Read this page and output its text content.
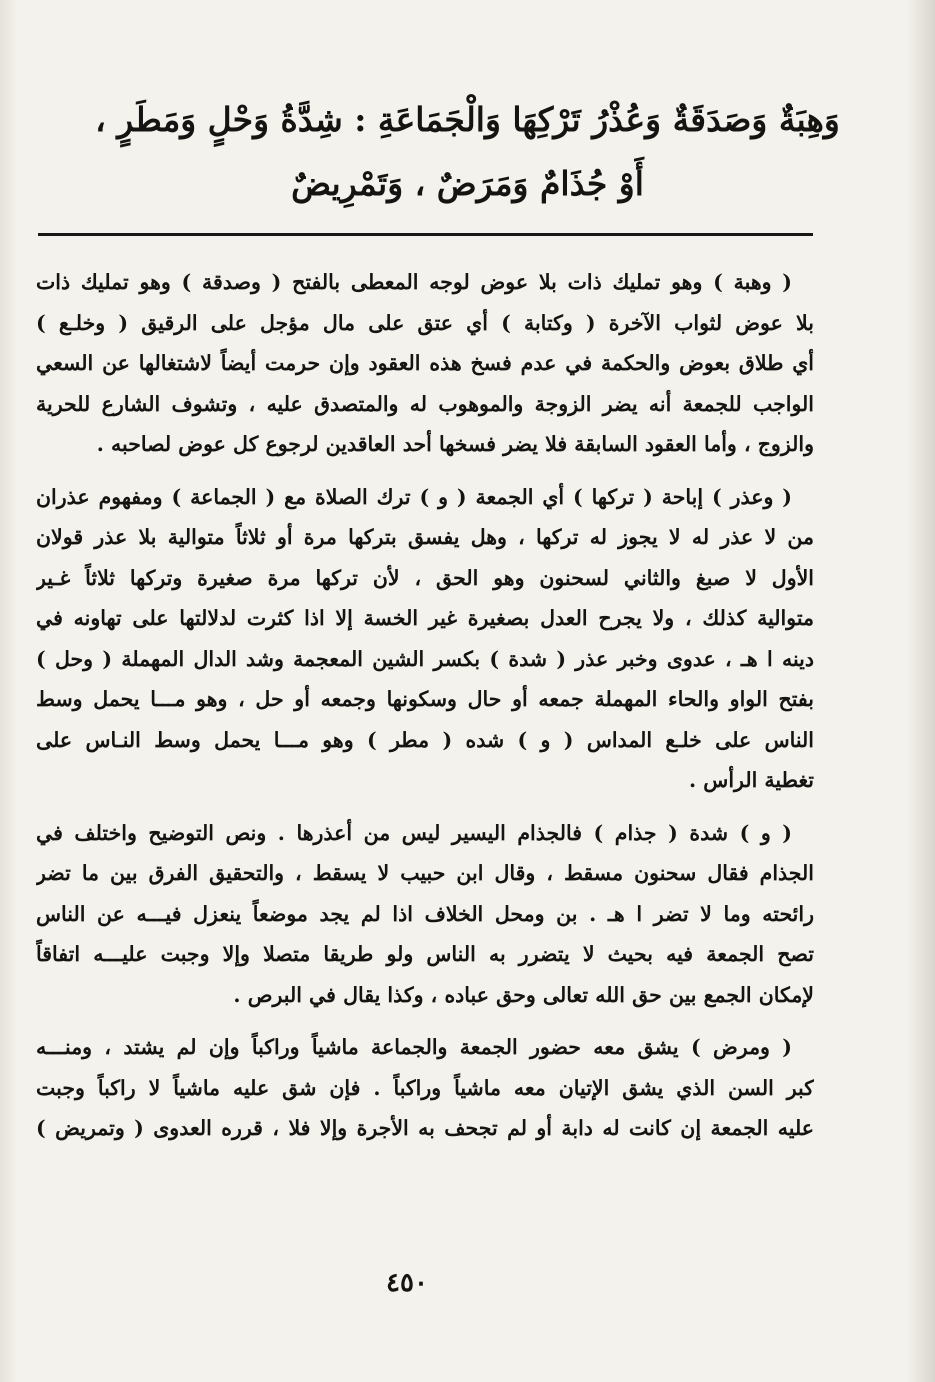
وَهِبَةٌ وَصَدَقَةٌ وَعُذْرُ تَرْكِهَا وَالْجَمَاعَةِ : شِدَّةُ وَحْلٍ وَمَطَرٍ ،
أَوْ جُذَامٌ وَمَرَضٌ ، وَتَمْرِيضٌ
( وهبة ) وهو تمليك ذات بلا عوض لوجه المعطى بالفتح ( وصدقة ) وهو تمليك ذات
بلا عوض لثواب الآخرة ( وكتابة ) أي عتق على مال مؤجل على الرقيق ( وخلـع )
أي طلاق بعوض والحكمة في عدم فسخ هذه العقود وإن حرمت أيضاً لاشتغالها عن السعي
الواجب للجمعة أنه يضر الزوجة والموهوب له والمتصدق عليه ، وتشوف الشارع للحرية
والزوج ، وأما العقود السابقة فلا يضر فسخها أحد العاقدين لرجوع كل عوض لصاحبه .
( وعذر ) إباحة ( تركها ) أي الجمعة ( و ) ترك الصلاة مع ( الجماعة ) ومفهوم عذران
من لا عذر له لا يجوز له تركها ، وهل يفسق بتركها مرة أو ثلاثاً متوالية بلا عذر قولان
الأول لا صبغ والثاني لسحنون وهو الحق ، لأن تركها مرة صغيرة وتركها ثلاثاً غـير
متوالية كذلك ، ولا يجرح العدل بصغيرة غير الخسة إلا اذا كثرت لدلالتها على تهاونه في
دينه ا هـ ، عدوى وخبر عذر ( شدة ) بكسر الشين المعجمة وشد الدال المهملة ( وحل )
بفتح الواو والحاء المهملة جمعه أو حال وسكونها وجمعه أو حل ، وهو مـــا يحمل وسط
الناس على خلـع المداس ( و ) شده ( مطر ) وهو مـــا يحمل وسط النـاس على
تغطية الرأس .
( و ) شدة ( جذام ) فالجذام اليسير ليس من أعذرها . ونص التوضيح واختلف في
الجذام فقال سحنون مسقط ، وقال ابن حبيب لا يسقط ، والتحقيق الفرق بين ما تضر
رائحته وما لا تضر ا هـ . بن ومحل الخلاف اذا لم يجد موضعاً ينعزل فيـــه عن الناس
تصح الجمعة فيه بحيث لا يتضرر به الناس ولو طريقا متصلا وإلا وجبت عليـــه اتفاقاً
لإمكان الجمع بين حق الله تعالى وحق عباده ، وكذا يقال في البرص .
( ومرض ) يشق معه حضور الجمعة والجماعة ماشياً وراكباً وإن لم يشتد ، ومنـــه
كبر السن الذي يشق الإتيان معه ماشياً وراكباً . فإن شق عليه ماشياً لا راكباً وجبت
عليه الجمعة إن كانت له دابة أو لم تجحف به الأجرة وإلا فلا ، قرره العدوى ( وتمريض )
٤٥٠
